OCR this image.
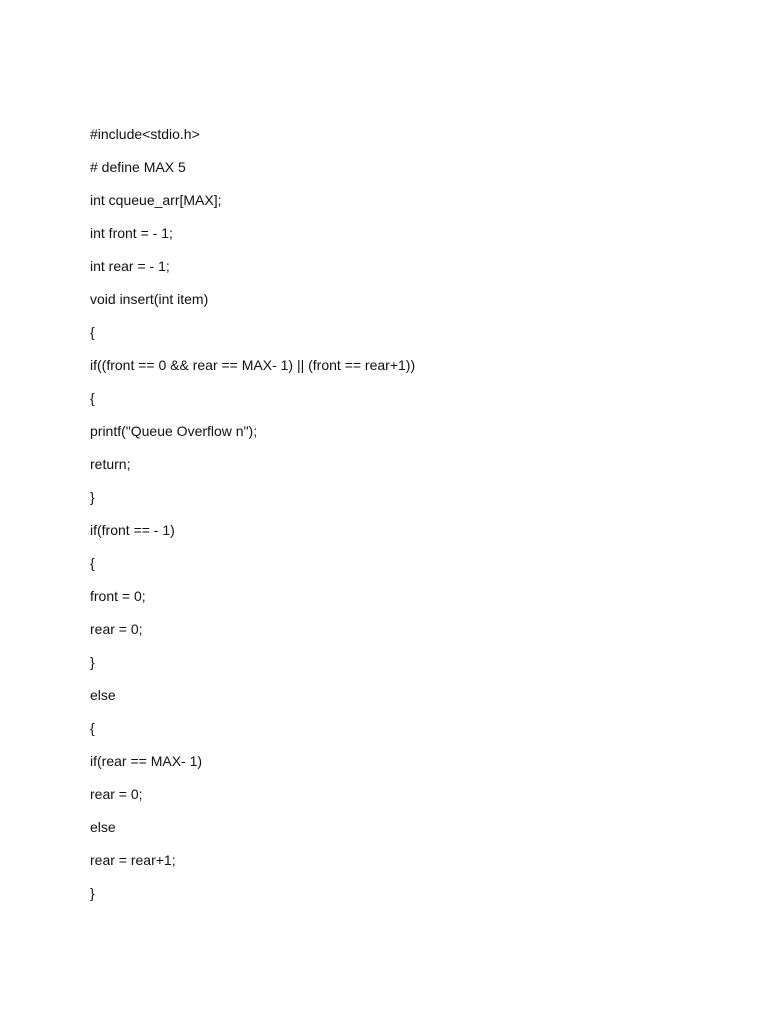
#include<stdio.h>
# define MAX 5
int cqueue_arr[MAX];
int front = - 1;
int rear = - 1;
void insert(int item)
{
if((front == 0 && rear == MAX- 1) || (front == rear+1))
{
printf("Queue Overflow n");
return;
}
if(front == - 1)
{
front = 0;
rear = 0;
}
else
{
if(rear == MAX- 1)
rear = 0;
else
rear = rear+1;
}
